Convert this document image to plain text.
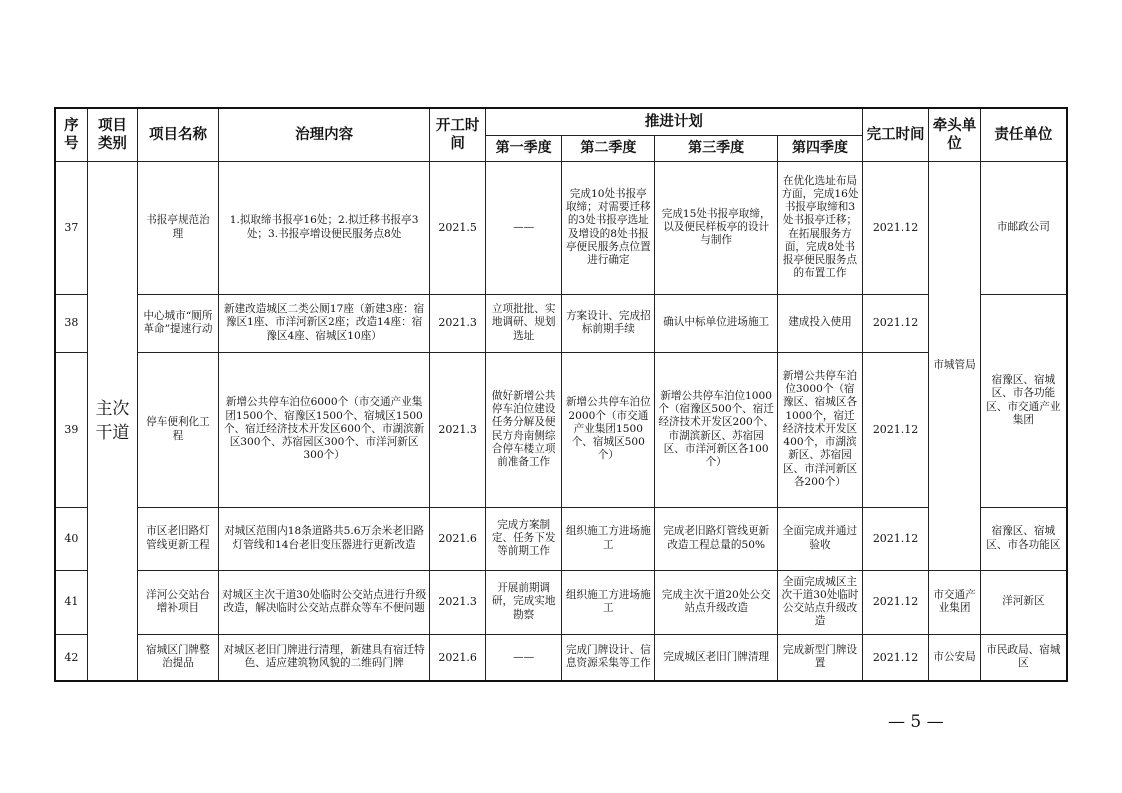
序号	项目类别	项目名称	治理内容	开工时间	推进计划				完工时间	牵头单位	责任单位
					第一季度	第二季度	第三季度	第四季度			
37	主次干道	书报亭规范治理	1.拟取缔书报亭16处；2.拟迁移书报亭3处；3.书报亭增设便民服务点8处	2021.5	——	完成10处书报亭取缔；对需要迁移的3处书报亭选址及增设的8处书报亭便民服务点位置进行确定	完成15处书报亭取缔，以及便民样板亭的设计与制作	在优化选址布局方面，完成16处书报亭取缔和3处书报亭迁移；在拓展服务方面，完成8处书报亭便民服务点的布置工作	2021.12	市城管局	市邮政公司
38		中心城市“厕所革命”提速行动	新建改造城区二类公厕17座（新建3座：宿豫区1座、市洋河新区2座；改造14座：宿豫区4座、宿城区10座）	2021.3	立项批批、实地调研、规划选址	方案设计、完成招标前期手续	确认中标单位进场施工	建成投入使用	2021.12		宿豫区、宿城区、市各功能区、市交通产业集团
39		停车便利化工程	新增公共停车泊位6000个（市交通产业集团1500个、宿豫区1500个、宿城区1500个、宿迁经济技术开发区600个、市湖滨新区300个、苏宿园区300个、市洋河新区300个）	2021.3	做好新增公共停车泊位建设任务分解及便民方舟南侧综合停车楼立项前准备工作	新增公共停车泊位2000个（市交通产业集团1500个、宿城区500个）	新增公共停车泊位1000个（宿豫区500个、宿迁经济技术开发区200个、市湖滨新区、苏宿园区、市洋河新区各100个）	新增公共停车泊位3000个（宿豫区、宿城区各1000个，宿迁经济技术开发区400个，市湖滨新区、苏宿园区、市洋河新区各200个）	2021.12		
40		市区老旧路灯管线更新工程	对城区范围内18条道路共5.6万余米老旧路灯管线和14台老旧变压器进行更新改造	2021.6	完成方案制定、任务下发等前期工作	组织施工方进场施工	完成老旧路灯管线更新改造工程总量的50%	全面完成并通过验收	2021.12		宿豫区、宿城区、市各功能区
41		洋河公交站台增补项目	对城区主次干道30处临时公交站点进行升级改造，解决临时公交站点群众等车不便问题	2021.3	开展前期调研，完成实地勘察	组织施工方进场施工	完成主次干道20处公交站点升级改造	全面完成城区主次干道30处临时公交站点升级改造	2021.12	市交通产业集团	洋河新区
42		宿城区门牌整治提品	对城区老旧门牌进行清理，新建具有宿迁特色、适应建筑物风貌的二维码门牌	2021.6	——	完成门牌设计、信息资源采集等工作	完成城区老旧门牌清理	完成新型门牌设置	2021.12	市公安局	市民政局、宿城区
— 5 —
